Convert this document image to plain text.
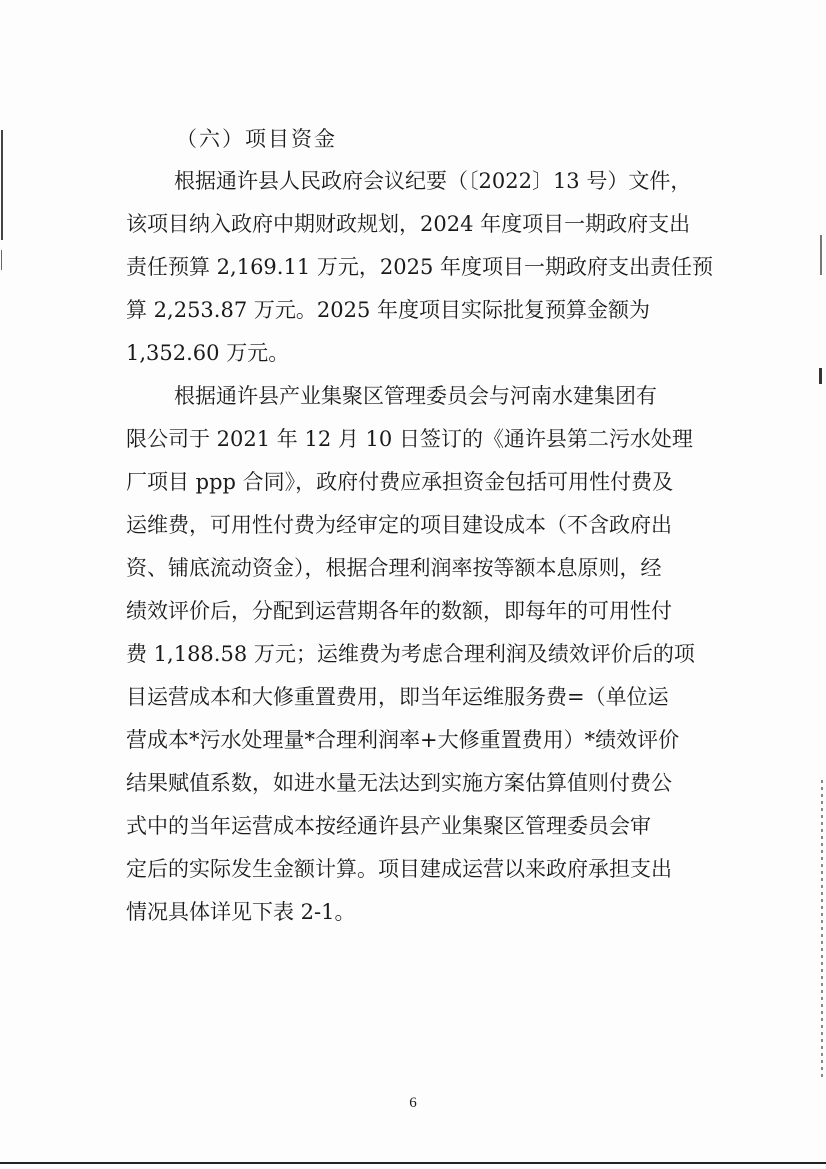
（六）项目资金
根据通许县人民政府会议纪要（〔2022〕13 号）文件，
该项目纳入政府中期财政规划，2024 年度项目一期政府支出
责任预算 2,169.11 万元，2025 年度项目一期政府支出责任预
算 2,253.87 万元。2025 年度项目实际批复预算金额为
1,352.60 万元。
根据通许县产业集聚区管理委员会与河南水建集团有
限公司于 2021 年 12 月 10 日签订的《通许县第二污水处理
厂项目 ppp 合同》，政府付费应承担资金包括可用性付费及
运维费，可用性付费为经审定的项目建设成本（不含政府出
资、铺底流动资金），根据合理利润率按等额本息原则，经
绩效评价后，分配到运营期各年的数额，即每年的可用性付
费 1,188.58 万元；运维费为考虑合理利润及绩效评价后的项
目运营成本和大修重置费用，即当年运维服务费=（单位运
营成本*污水处理量*合理利润率+大修重置费用）*绩效评价
结果赋值系数，如进水量无法达到实施方案估算值则付费公
式中的当年运营成本按经通许县产业集聚区管理委员会审
定后的实际发生金额计算。项目建成运营以来政府承担支出
情况具体详见下表 2-1。
6
